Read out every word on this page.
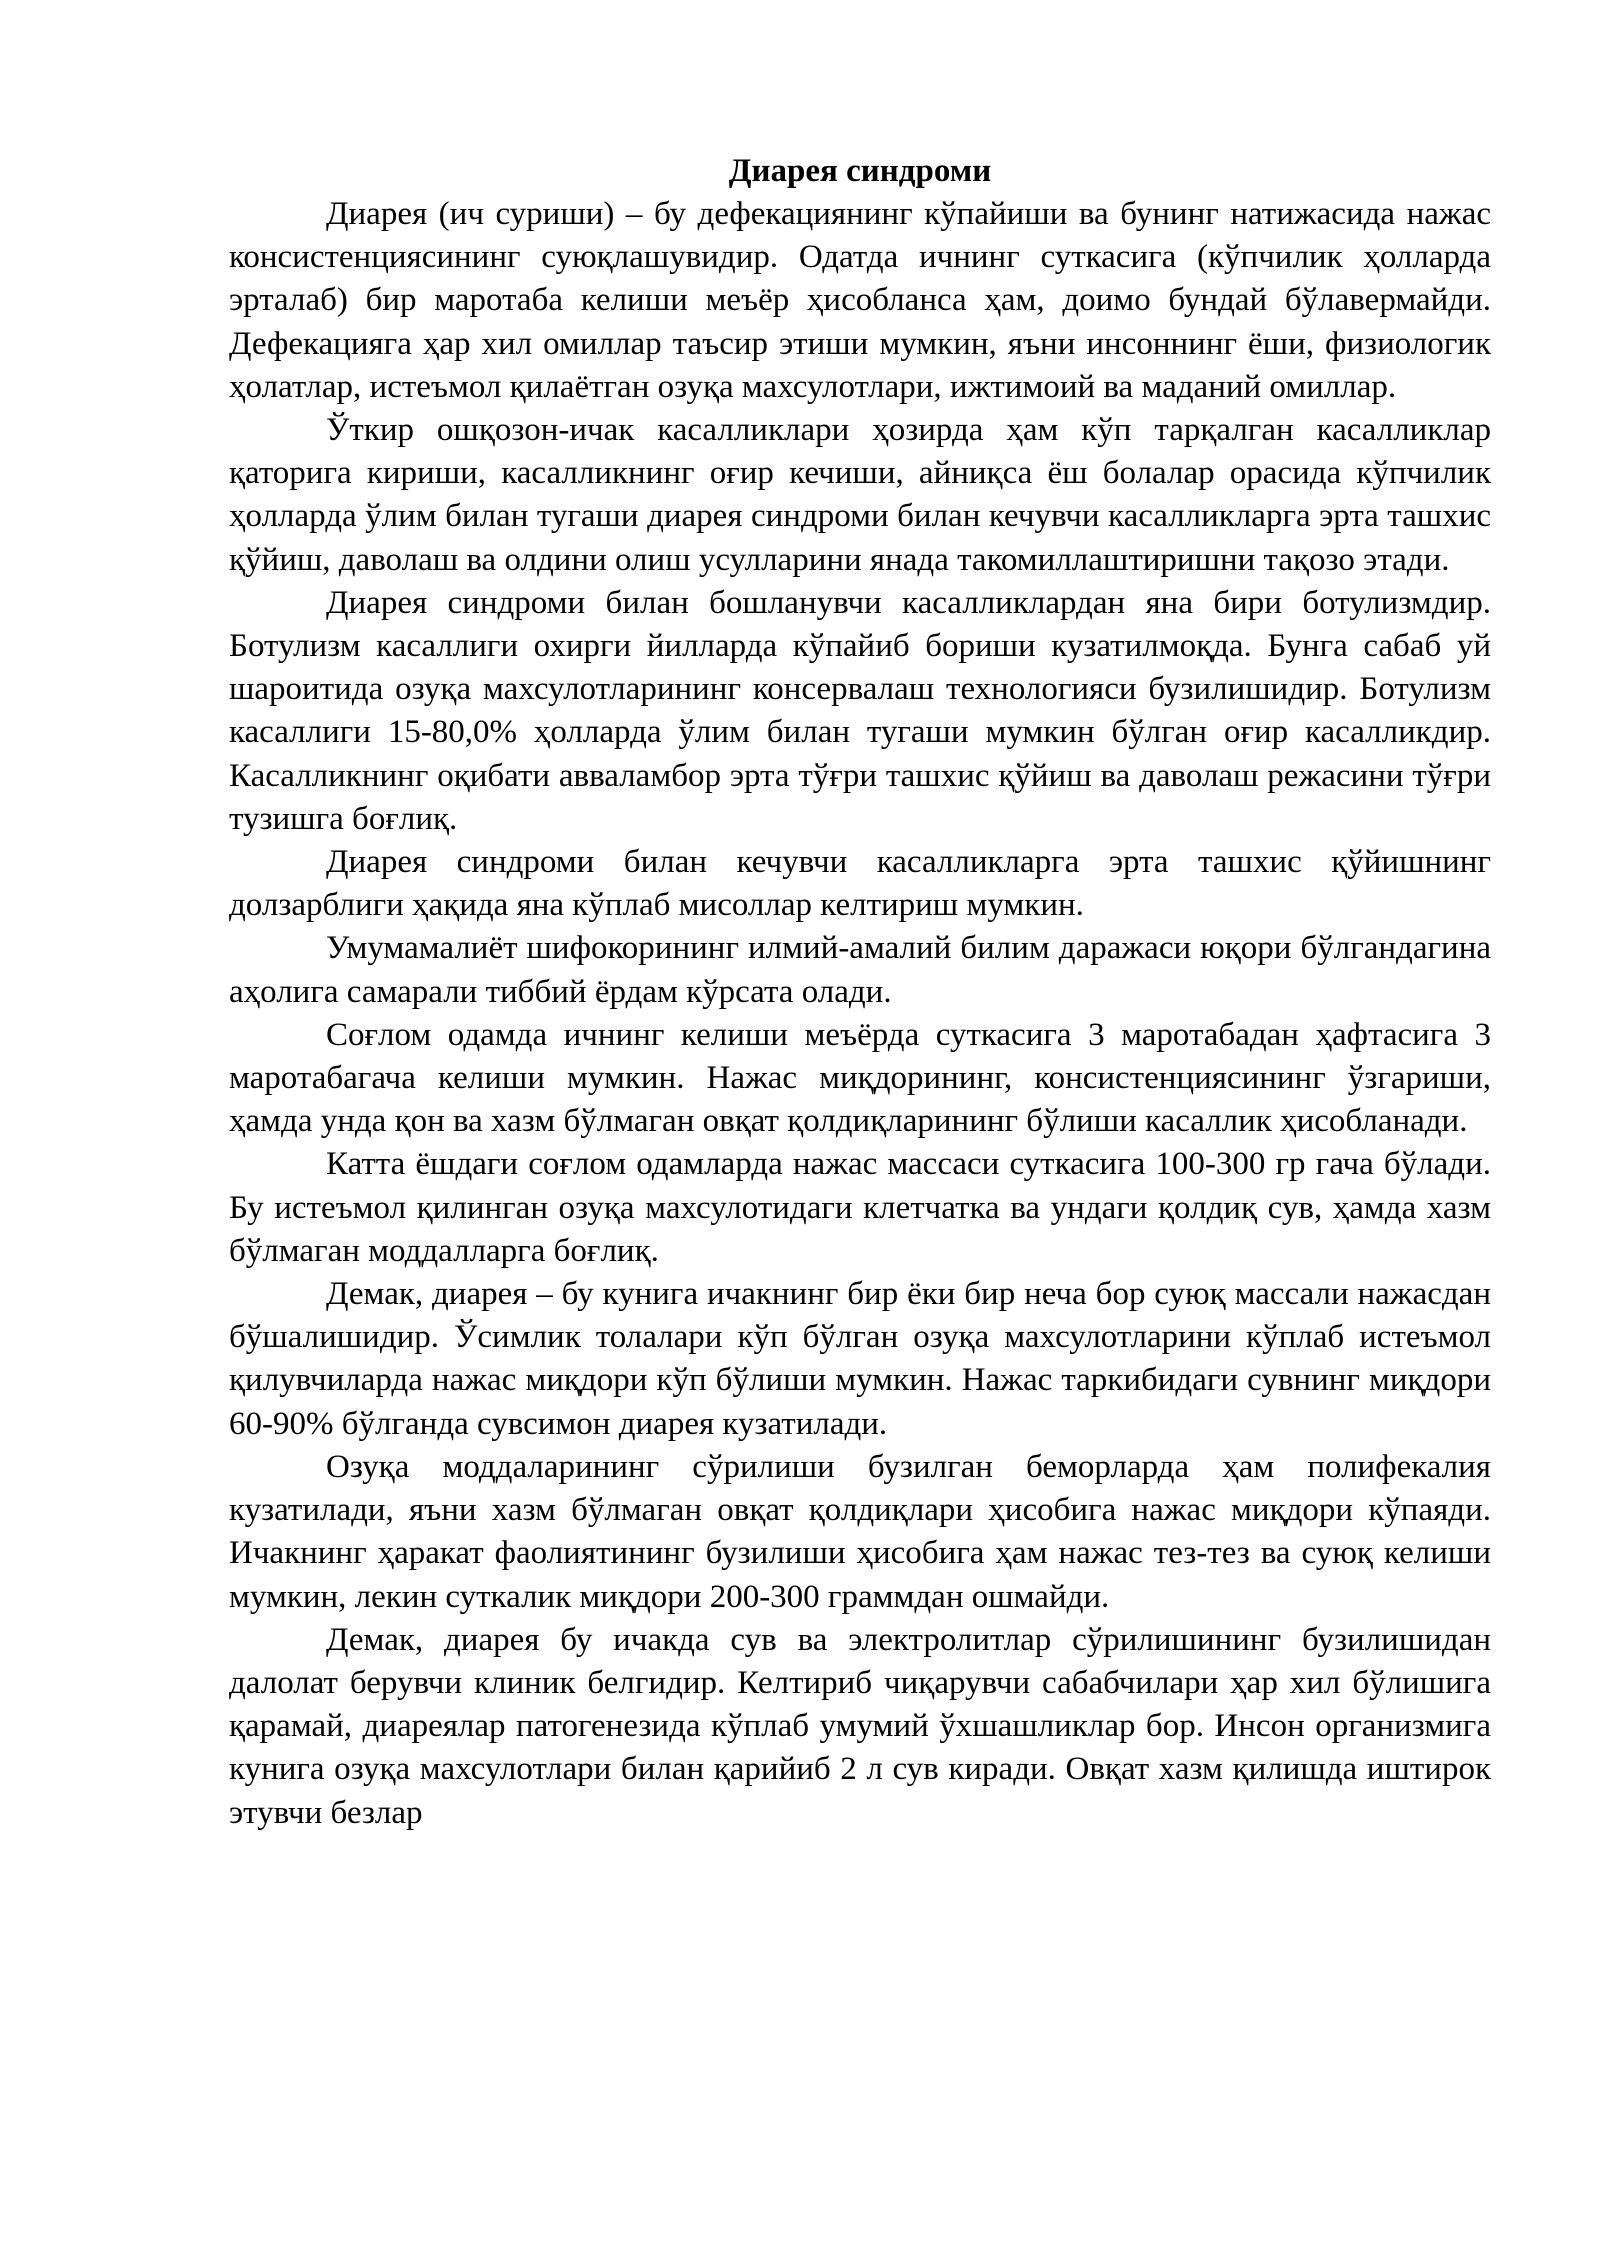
Диарея синдроми

Диарея (ич суриши) – бу дефекациянинг кўпайиши ва бунинг натижасида нажас консистенциясининг суюқлашувидир. Одатда ичнинг суткасига (кўпчилик ҳолларда эрталаб) бир маротаба келиши меъёр ҳисобланса ҳам, доимо бундай бўлавермайди. Дефекацияга ҳар хил омиллар таъсир этиши мумкин, яъни инсоннинг ёши, физиологик ҳолатлар, истеъмол қилаётган озуқа махсулотлари, ижтимоий ва маданий омиллар.

Ўткир ошқозон-ичак касалликлари ҳозирда ҳам кўп тарқалган касалликлар қаторига кириши, касалликнинг оғир кечиши, айниқса ёш болалар орасида кўпчилик ҳолларда ўлим билан тугаши диарея синдроми билан кечувчи касалликларга эрта ташхис қўйиш, даволаш ва олдини олиш усулларини янада такомиллаштиришни тақозо этади.

Диарея синдроми билан бошланувчи касалликлардан яна бири ботулизмдир. Ботулизм касаллиги охирги йилларда кўпайиб бориши кузатилмоқда. Бунга сабаб уй шароитида озуқа махсулотларининг консервалаш технологияси бузилишидир. Ботулизм касаллиги 15-80,0% ҳолларда ўлим билан тугаши мумкин бўлган оғир касалликдир. Касалликнинг оқибати авваламбор эрта тўғри ташхис қўйиш ва даволаш режасини тўғри тузишга боғлиқ.

Диарея синдроми билан кечувчи касалликларга эрта ташхис қўйишнинг долзарблиги ҳақида яна кўплаб мисоллар келтириш мумкин.

Умумамалиёт шифокорининг илмий-амалий билим даражаси юқори бўлгандагина аҳолига самарали тиббий ёрдам кўрсата олади.

Соғлом одамда ичнинг келиши меъёрда суткасига 3 маротабадан ҳафтасига 3 маротабагача келиши мумкин. Нажас миқдорининг, консистенциясининг ўзгариши, ҳамда унда қон ва хазм бўлмаган овқат қолдиқларининг бўлиши касаллик ҳисобланади.

Катта ёшдаги соғлом одамларда нажас массаси суткасига 100-300 гр гача бўлади. Бу истеъмол қилинган озуқа махсулотидаги клетчатка ва ундаги қолдиқ сув, ҳамда хазм бўлмаган моддалларга боғлиқ.

Демак, диарея – бу кунига ичакнинг бир ёки бир неча бор суюқ массали нажасдан бўшалишидир. Ўсимлик толалари кўп бўлган озуқа махсулотларини кўплаб истеъмол қилувчиларда нажас миқдори кўп бўлиши мумкин. Нажас таркибидаги сувнинг миқдори 60-90% бўлганда сувсимон диарея кузатилади.

Озуқа моддаларининг сўрилиши бузилган беморларда ҳам полифекалия кузатилади, яъни хазм бўлмаган овқат қолдиқлари ҳисобига нажас миқдори кўпаяди. Ичакнинг ҳаракат фаолиятининг бузилиши ҳисобига ҳам нажас тез-тез ва суюқ келиши мумкин, лекин суткалик миқдори 200-300 граммдан ошмайди.

Демак, диарея бу ичакда сув ва электролитлар сўрилишининг бузилишидан далолат берувчи клиник белгидир. Келтириб чиқарувчи сабабчилари ҳар хил бўлишига қарамай, диареялар патогенезида кўплаб умумий ўхшашликлар бор. Инсон организмига кунига озуқа махсулотлари билан қарийиб 2 л сув киради. Овқат хазм қилишда иштирок этувчи безлар
